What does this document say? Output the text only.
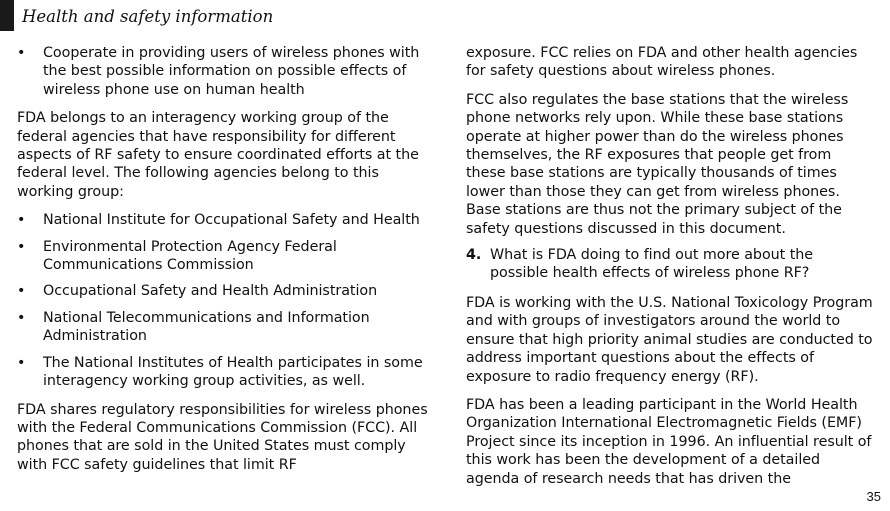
Health and safety information
• Cooperate in providing users of wireless phones with the best possible information on possible effects of wireless phone use on human health

FDA belongs to an interagency working group of the federal agencies that have responsibility for different aspects of RF safety to ensure coordinated efforts at the federal level. The following agencies belong to this working group:

• National Institute for Occupational Safety and Health
• Environmental Protection Agency Federal Communications Commission
• Occupational Safety and Health Administration
• National Telecommunications and Information Administration
• The National Institutes of Health participates in some interagency working group activities, as well.

FDA shares regulatory responsibilities for wireless phones with the Federal Communications Commission (FCC). All phones that are sold in the United States must comply with FCC safety guidelines that limit RF

exposure. FCC relies on FDA and other health agencies for safety questions about wireless phones.

FCC also regulates the base stations that the wireless phone networks rely upon. While these base stations operate at higher power than do the wireless phones themselves, the RF exposures that people get from these base stations are typically thousands of times lower than those they can get from wireless phones. Base stations are thus not the primary subject of the safety questions discussed in this document.

4. What is FDA doing to find out more about the possible health effects of wireless phone RF?

FDA is working with the U.S. National Toxicology Program and with groups of investigators around the world to ensure that high priority animal studies are conducted to address important questions about the effects of exposure to radio frequency energy (RF).

FDA has been a leading participant in the World Health Organization International Electromagnetic Fields (EMF) Project since its inception in 1996. An influential result of this work has been the development of a detailed agenda of research needs that has driven the

35
